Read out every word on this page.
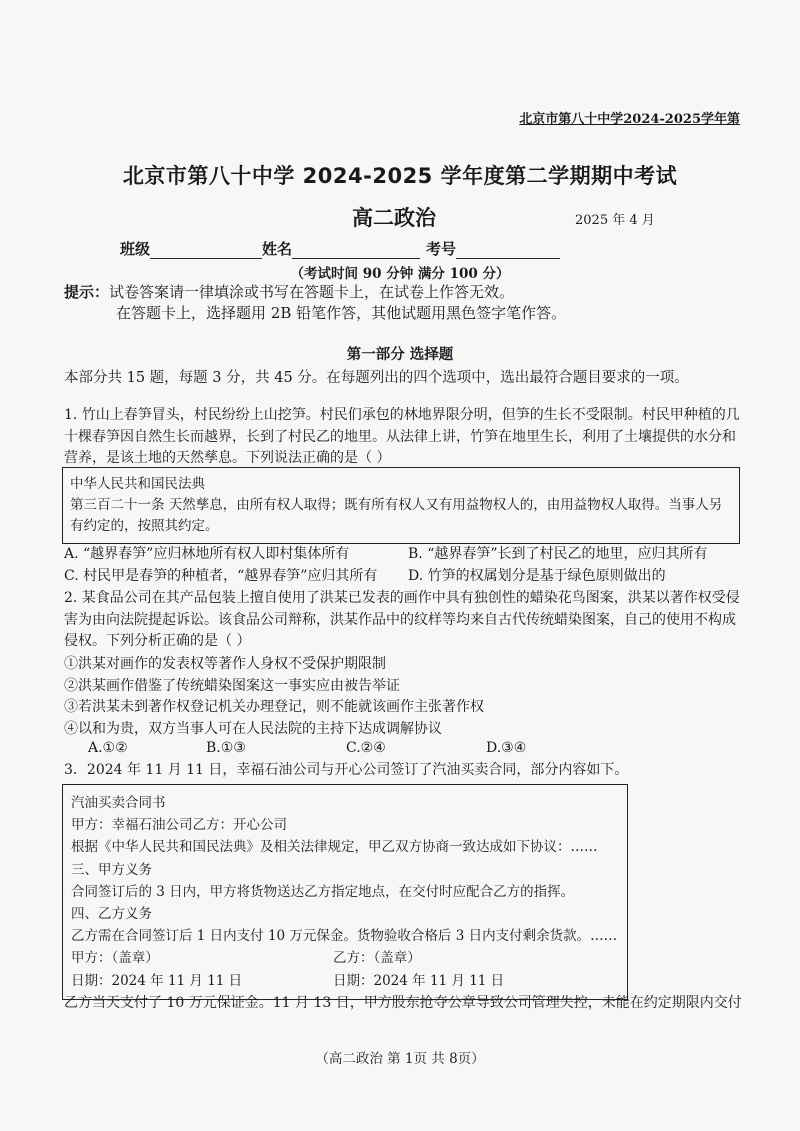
北京市第八十中学2024-2025学年第
北京市第八十中学 2024-2025 学年度第二学期期中考试
高二政治	2025 年 4 月
班级	姓名	考号
（考试时间 90 分钟 满分 100 分）
提示：试卷答案请一律填涂或书写在答题卡上，在试卷上作答无效。
在答题卡上，选择题用 2B 铅笔作答，其他试题用黑色签字笔作答。
第一部分 选择题
本部分共 15 题，每题 3 分，共 45 分。在每题列出的四个选项中，选出最符合题目要求的一项。
1. 竹山上春笋冒头，村民纷纷上山挖笋。村民们承包的林地界限分明，但笋的生长不受限制。村民甲种植的几十棵春笋因自然生长而越界，长到了村民乙的地里。从法律上讲，竹笋在地里生长，利用了土壤提供的水分和营养，是该土地的天然孳息。下列说法正确的是（ ）
中华人民共和国民法典
第三百二十一条 天然孳息，由所有权人取得；既有所有权人又有用益物权人的，由用益物权人取得。当事人另有约定的，按照其约定。
A. “越界春笋”应归林地所有权人即村集体所有	B. “越界春笋”长到了村民乙的地里，应归其所有
C. 村民甲是春笋的种植者，“越界春笋”应归其所有	D. 竹笋的权属划分是基于绿色原则做出的
2. 某食品公司在其产品包装上擅自使用了洪某已发表的画作中具有独创性的蜡染花鸟图案，洪某以著作权受侵害为由向法院提起诉讼。该食品公司辩称，洪某作品中的纹样等均来自古代传统蜡染图案，自己的使用不构成侵权。下列分析正确的是（ ）
①洪某对画作的发表权等著作人身权不受保护期限制
②洪某画作借鉴了传统蜡染图案这一事实应由被告举证
③若洪某未到著作权登记机关办理登记，则不能就该画作主张著作权
④以和为贵，双方当事人可在人民法院的主持下达成调解协议
A.①②	B.①③	C.②④	D.③④
3．2024 年 11 月 11 日，幸福石油公司与开心公司签订了汽油买卖合同，部分内容如下。
汽油买卖合同书
甲方：幸福石油公司乙方：开心公司
根据《中华人民共和国民法典》及相关法律规定，甲乙双方协商一致达成如下协议：……
三、甲方义务
合同签订后的 3 日内，甲方将货物送达乙方指定地点，在交付时应配合乙方的指挥。
四、乙方义务
乙方需在合同签订后 1 日内支付 10 万元保金。货物验收合格后 3 日内支付剩余货款。……
甲方：（盖章）	乙方：（盖章）
日期：2024 年 11 月 11 日	日期：2024 年 11 月 11 日
乙方当天支付了 10 万元保证金。11 月 13 日，甲方股东抢夺公章导致公司管理失控，未能在约定期限内交付
（高二政治 第 1页 共 8页）
